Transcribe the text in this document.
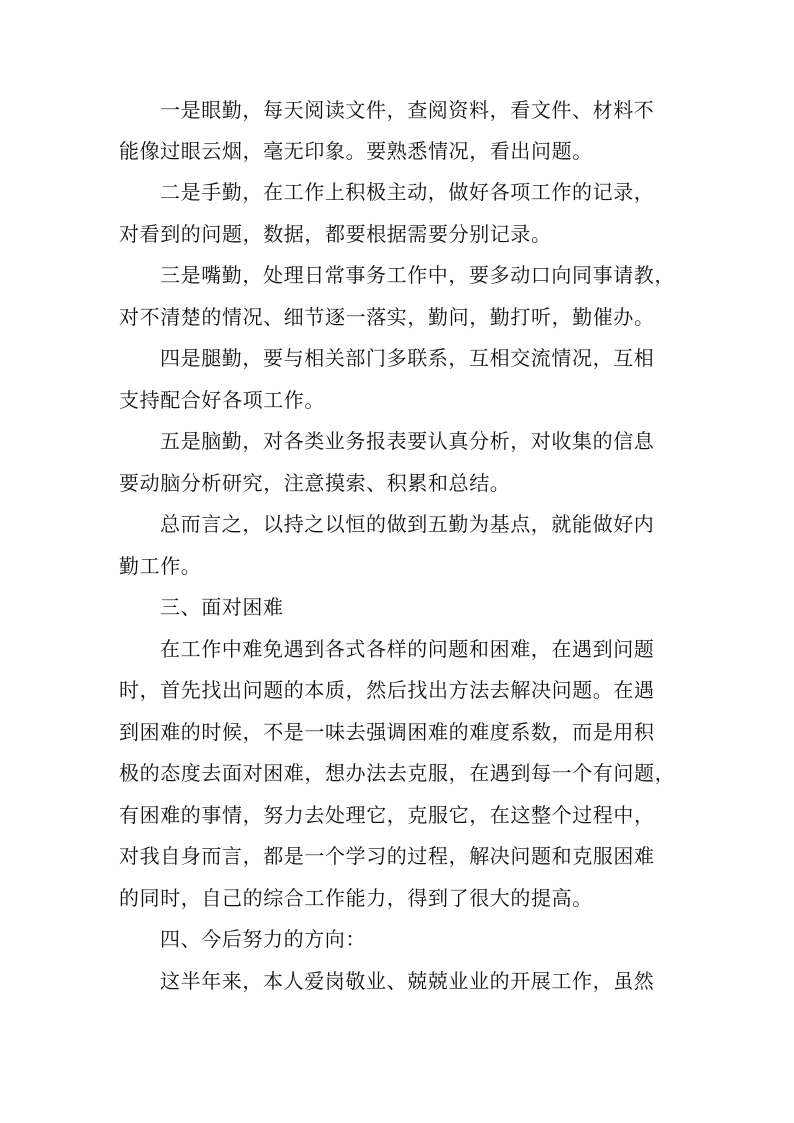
一是眼勤，每天阅读文件，查阅资料，看文件、材料不
能像过眼云烟，毫无印象。要熟悉情况，看出问题。
二是手勤，在工作上积极主动，做好各项工作的记录，
对看到的问题，数据，都要根据需要分别记录。
三是嘴勤，处理日常事务工作中，要多动口向同事请教，
对不清楚的情况、细节逐一落实，勤问，勤打听，勤催办。
四是腿勤，要与相关部门多联系，互相交流情况，互相
支持配合好各项工作。
五是脑勤，对各类业务报表要认真分析，对收集的信息
要动脑分析研究，注意摸索、积累和总结。
总而言之，以持之以恒的做到五勤为基点，就能做好内
勤工作。
三、面对困难
在工作中难免遇到各式各样的问题和困难，在遇到问题
时，首先找出问题的本质，然后找出方法去解决问题。在遇
到困难的时候，不是一味去强调困难的难度系数，而是用积
极的态度去面对困难，想办法去克服，在遇到每一个有问题，
有困难的事情，努力去处理它，克服它，在这整个过程中，
对我自身而言，都是一个学习的过程，解决问题和克服困难
的同时，自己的综合工作能力，得到了很大的提高。
四、今后努力的方向：
这半年来，本人爱岗敬业、兢兢业业的开展工作，虽然
